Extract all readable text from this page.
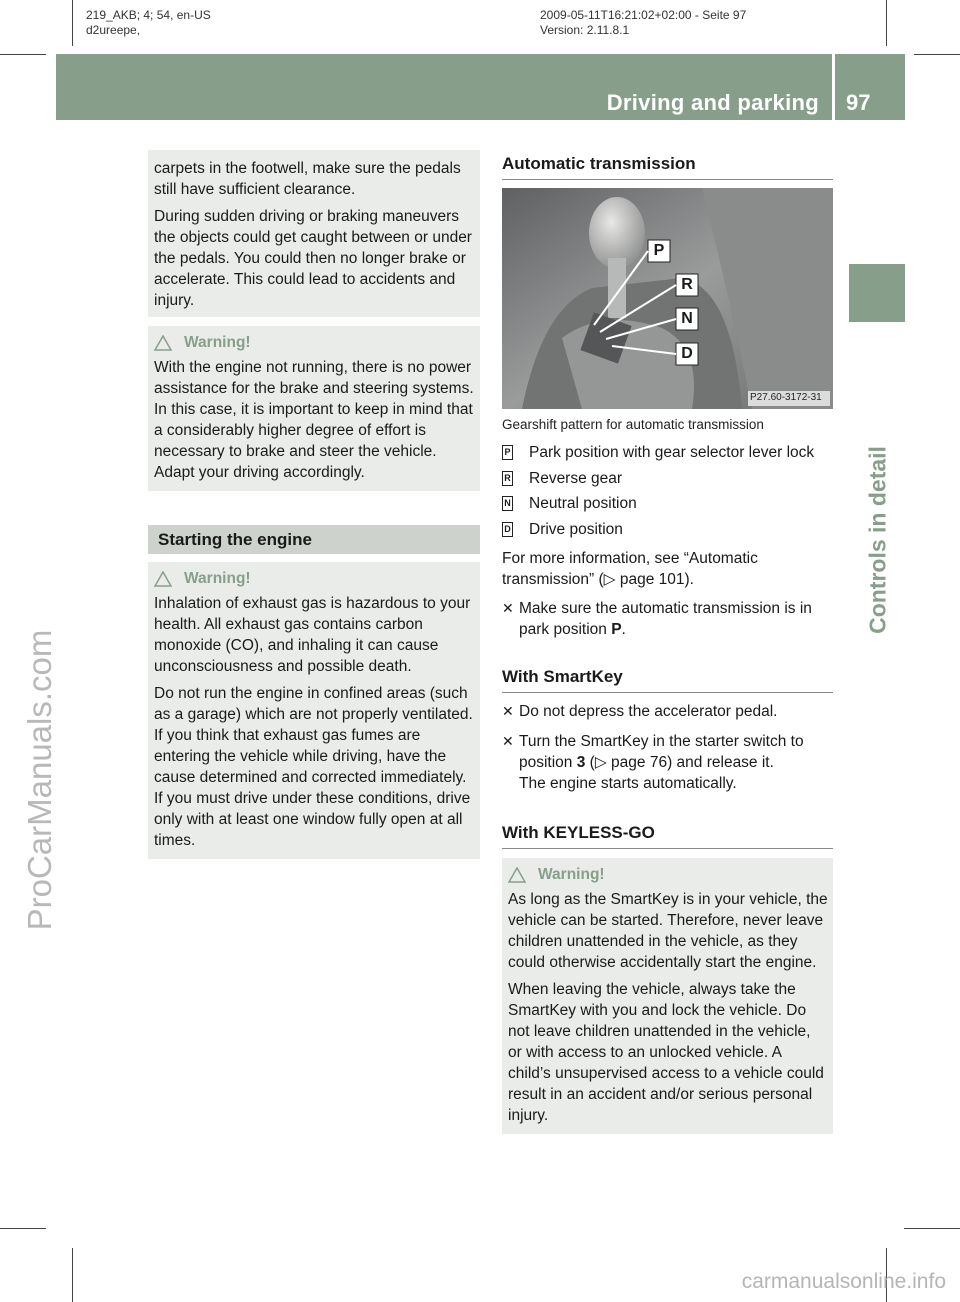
219_AKB; 4; 54, en-US
d2ureepe,
2009-05-11T16:21:02+02:00 - Seite 97
Version: 2.11.8.1
Driving and parking 97
Controls in detail
ProCarManuals.com
carmanualsonline.info

carpets in the footwell, make sure the pedals still have sufficient clearance.

During sudden driving or braking maneuvers the objects could get caught between or under the pedals. You could then no longer brake or accelerate. This could lead to accidents and injury.

Warning!

With the engine not running, there is no power assistance for the brake and steering systems. In this case, it is important to keep in mind that a considerably higher degree of effort is necessary to brake and steer the vehicle. Adapt your driving accordingly.

Starting the engine
Warning!

Inhalation of exhaust gas is hazardous to your health. All exhaust gas contains carbon monoxide (CO), and inhaling it can cause unconsciousness and possible death.

Do not run the engine in confined areas (such as a garage) which are not properly ventilated. If you think that exhaust gas fumes are entering the vehicle while driving, have the cause determined and corrected immediately. If you must drive under these conditions, drive only with at least one window fully open at all times.

Automatic transmission
P
R
N
D
P27.60-3172-31
Gearshift pattern for automatic transmission
P Park position with gear selector lever lock
R Reverse gear
N Neutral position
D Drive position
For more information, see “Automatic transmission” (▷ page 101).
✕ Make sure the automatic transmission is in park position P.
With SmartKey
✕ Do not depress the accelerator pedal.
✕ Turn the SmartKey in the starter switch to position 3 (▷ page 76) and release it.
The engine starts automatically.
With KEYLESS-GO
Warning!

As long as the SmartKey is in your vehicle, the vehicle can be started. Therefore, never leave children unattended in the vehicle, as they could otherwise accidentally start the engine.

When leaving the vehicle, always take the SmartKey with you and lock the vehicle. Do not leave children unattended in the vehicle, or with access to an unlocked vehicle. A child’s unsupervised access to a vehicle could result in an accident and/or serious personal injury.
